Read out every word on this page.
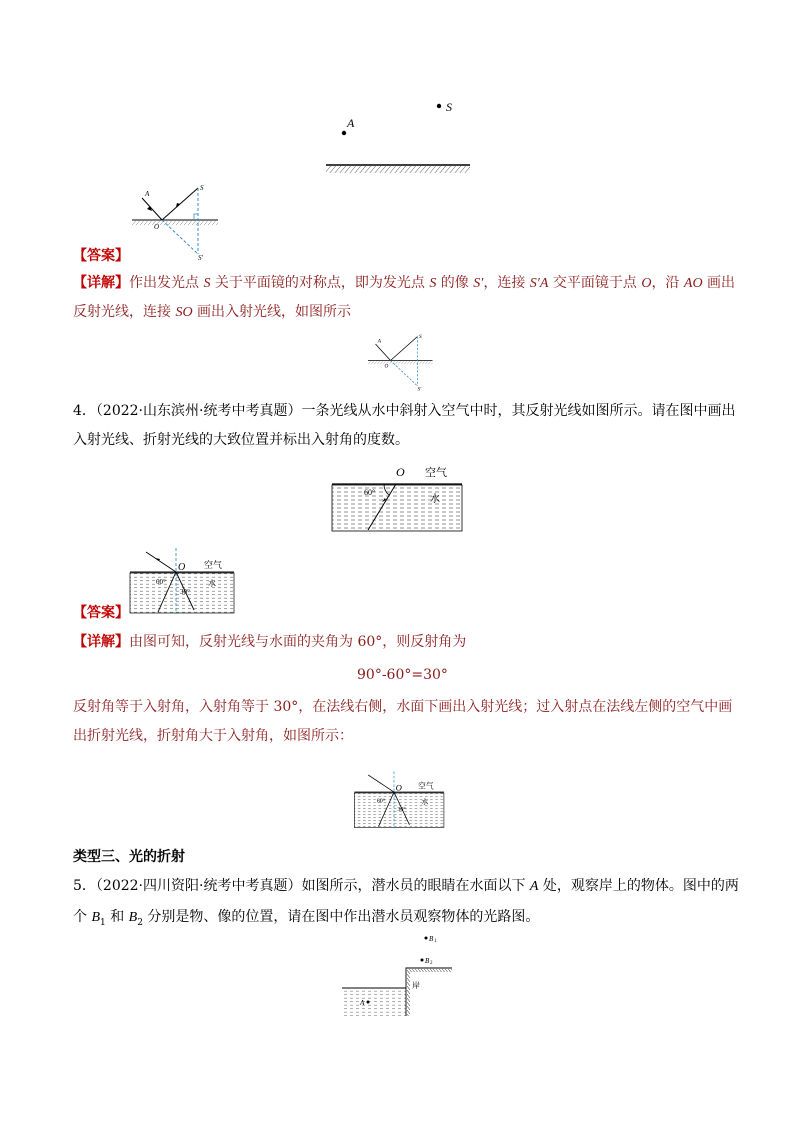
S
A
A
S
O
S'
【答案】
【详解】作出发光点 S 关于平面镜的对称点，即为发光点 S 的像 S′，连接 S′A 交平面镜于点 O，沿 AO 画出
反射光线，连接 SO 画出入射光线，如图所示
A
S
O
S'
4．（2022·山东滨州·统考中考真题）一条光线从水中斜射入空气中时，其反射光线如图所示。请在图中画出
入射光线、折射光线的大致位置并标出入射角的度数。
O 空气
水
60°
O 空气
水
60°
30°
【答案】
【详解】由图可知，反射光线与水面的夹角为 60°，则反射角为
90°-60°=30°
反射角等于入射角，入射角等于 30°，在法线右侧，水面下画出入射光线；过入射点在法线左侧的空气中画
出折射光线，折射角大于入射角，如图所示：
O 空气
水
60°
30°
类型三、光的折射
5．（2022·四川资阳·统考中考真题）如图所示，潜水员的眼睛在水面以下 A 处，观察岸上的物体。图中的两
个 $B_1$ 和 $B_2$ 分别是物、像的位置，请在图中作出潜水员观察物体的光路图。
B 1
B 2
A
岸
